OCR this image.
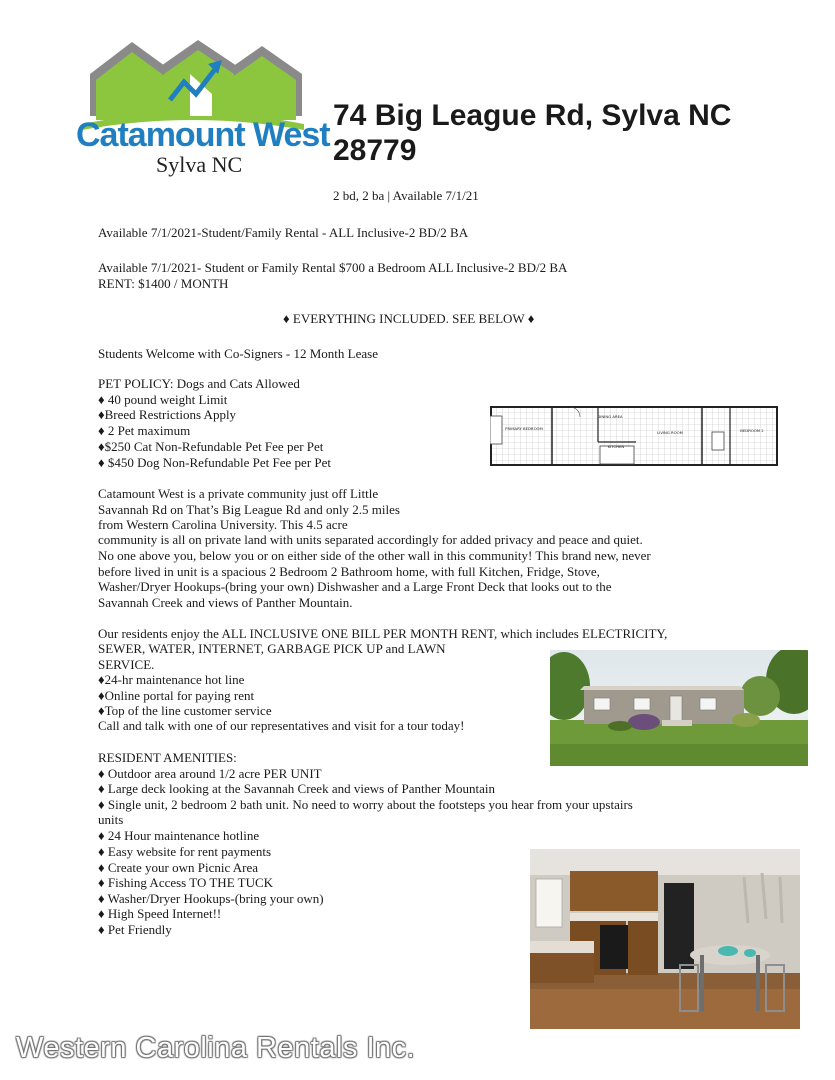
Catamount West
Sylva NC
74 Big League Rd, Sylva NC 28779
2 bd, 2 ba | Available 7/1/21
Available 7/1/2021-Student/Family Rental - ALL Inclusive-2 BD/2 BA
Available 7/1/2021- Student or Family Rental $700 a Bedroom ALL Inclusive-2 BD/2 BA
RENT: $1400 / MONTH
♦ EVERYTHING INCLUDED. SEE BELOW ♦
Students Welcome with Co-Signers - 12 Month Lease
PET POLICY: Dogs and Cats Allowed
♦ 40 pound weight Limit
♦Breed Restrictions Apply
♦ 2 Pet maximum
♦$250 Cat Non-Refundable Pet Fee per Pet
♦ $450 Dog Non-Refundable Pet Fee per Pet
Catamount West is a private community just off Little
Savannah Rd on That’s Big League Rd and only 2.5 miles
from Western Carolina University. This 4.5 acre
community is all on private land with units separated accordingly for added privacy and peace and quiet.
No one above you, below you or on either side of the other wall in this community! This brand new, never
before lived in unit is a spacious 2 Bedroom 2 Bathroom home, with full Kitchen, Fridge, Stove,
Washer/Dryer Hookups-(bring your own) Dishwasher and a Large Front Deck that looks out to the
Savannah Creek and views of Panther Mountain.
Our residents enjoy the ALL INCLUSIVE ONE BILL PER MONTH RENT, which includes ELECTRICITY,
SEWER, WATER, INTERNET, GARBAGE PICK UP and LAWN
SERVICE.
♦24-hr maintenance hot line
♦Online portal for paying rent
♦Top of the line customer service
Call and talk with one of our representatives and visit for a tour today!
RESIDENT AMENITIES:
♦ Outdoor area around 1/2 acre PER UNIT
♦ Large deck looking at the Savannah Creek and views of Panther Mountain
♦ Single unit, 2 bedroom 2 bath unit. No need to worry about the footsteps you hear from your upstairs
units
♦ 24 Hour maintenance hotline
♦ Easy website for rent payments
♦ Create your own Picnic Area
♦ Fishing Access TO THE TUCK
♦ Washer/Dryer Hookups-(bring your own)
♦ High Speed Internet!!
♦ Pet Friendly
PRIMARY BEDROOM
DINING AREA
KITCHEN
LIVING ROOM	BEDROOM 2
Western Carolina Rentals Inc.
